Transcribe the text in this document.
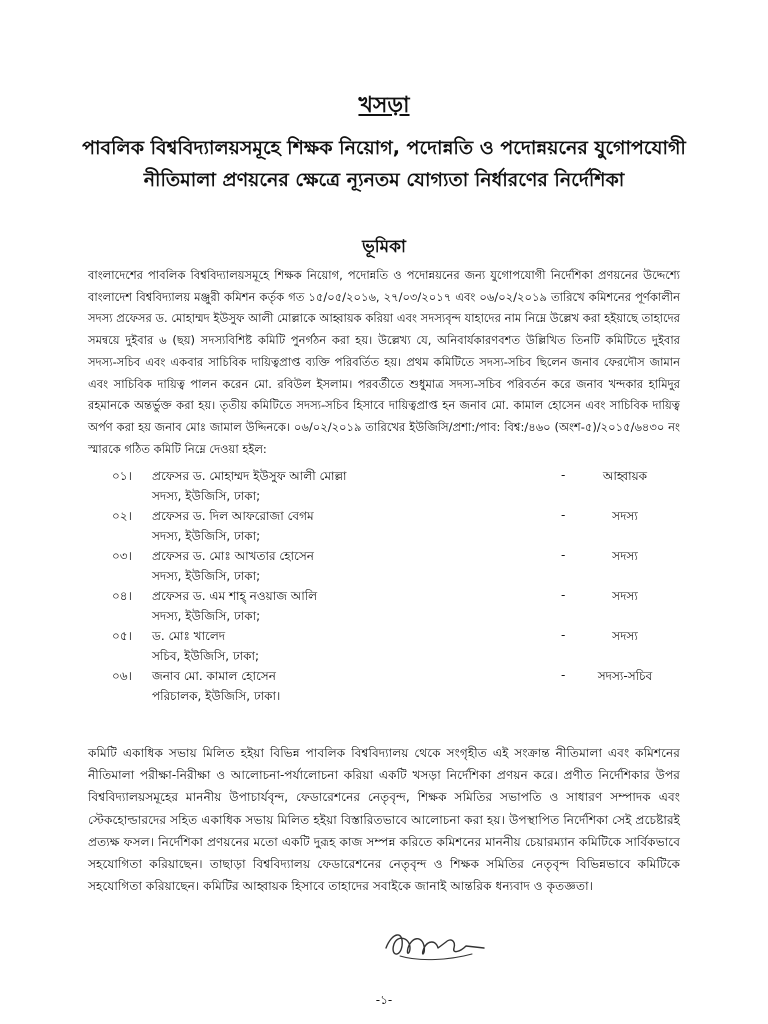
খসড়া
পাবলিক বিশ্ববিদ্যালয়সমূহে শিক্ষক নিয়োগ, পদোন্নতি ও পদোন্নয়নের যুগোপযোগী নীতিমালা প্রণয়নের ক্ষেত্রে ন্যূনতম যোগ্যতা নির্ধারণের নির্দেশিকা
ভূমিকা
বাংলাদেশের পাবলিক বিশ্ববিদ্যালয়সমূহে শিক্ষক নিয়োগ, পদোন্নতি ও পদোন্নয়নের জন্য যুগোপযোগী নির্দেশিকা প্রণয়নের উদ্দেশ্যে বাংলাদেশ বিশ্ববিদ্যালয় মঞ্জুরী কমিশন কর্তৃক গত ১৫/০৫/২০১৬, ২৭/০৩/২০১৭ এবং ০৬/০২/২০১৯ তারিখে কমিশনের পূর্ণকালীন সদস্য প্রফেসর ড. মোহাম্মদ ইউসুফ আলী মোল্লাকে আহ্বায়ক করিয়া এবং সদস্যবৃন্দ যাহাদের নাম নিম্নে উল্লেখ করা হইয়াছে তাহাদের সমন্বয়ে দুইবার ৬ (ছয়) সদস্যবিশিষ্ট কমিটি পুনর্গঠন করা হয়। উল্লেখ্য যে, অনিবার্যকারণবশত উল্লিখিত তিনটি কমিটিতে দুইবার সদস্য-সচিব এবং একবার সাচিবিক দায়িত্বপ্রাপ্ত ব্যক্তি পরিবর্তিত হয়। প্রথম কমিটিতে সদস্য-সচিব ছিলেন জনাব ফেরদৌস জামান এবং সাচিবিক দায়িত্ব পালন করেন মো. রবিউল ইসলাম। পরবর্তীতে শুধুমাত্র সদস্য-সচিব পরিবর্তন করে জনাব খন্দকার হামিদুর রহমানকে অন্তর্ভুক্ত করা হয়। তৃতীয় কমিটিতে সদস্য-সচিব হিসাবে দায়িত্বপ্রাপ্ত হন জনাব মো. কামাল হোসেন এবং সাচিবিক দায়িত্ব অর্পণ করা হয় জনাব মোঃ জামাল উদ্দিনকে। ০৬/০২/২০১৯ তারিখের ইউজিসি/প্রশা:/পাব: বিশ্ব:/৪৬০ (অংশ-৫)/২০১৫/৬৪৩০ নং স্মারকে গঠিত কমিটি নিম্নে দেওয়া হইল:
০১। প্রফেসর ড. মোহাম্মদ ইউসুফ আলী মোল্লা
সদস্য, ইউজিসি, ঢাকা;
-	আহ্বায়ক
০২। প্রফেসর ড. দিল আফরোজা বেগম
সদস্য, ইউজিসি, ঢাকা;
-	সদস্য
০৩। প্রফেসর ড. মোঃ আখতার হোসেন
সদস্য, ইউজিসি, ঢাকা;
-	সদস্য
০৪। প্রফেসর ড. এম শাহ্ নওয়াজ আলি
সদস্য, ইউজিসি, ঢাকা;
-	সদস্য
০৫। ড. মোঃ খালেদ
সচিব, ইউজিসি, ঢাকা;
-	সদস্য
০৬। জনাব মো. কামাল হোসেন
পরিচালক, ইউজিসি, ঢাকা।
-	সদস্য-সচিব
কমিটি একাধিক সভায় মিলিত হইয়া বিভিন্ন পাবলিক বিশ্ববিদ্যালয় থেকে সংগৃহীত এই সংক্রান্ত নীতিমালা এবং কমিশনের নীতিমালা পরীক্ষা-নিরীক্ষা ও আলোচনা-পর্যালোচনা করিয়া একটি খসড়া নির্দেশিকা প্রণয়ন করে। প্রণীত নির্দেশিকার উপর বিশ্ববিদ্যালয়সমূহের মাননীয় উপাচার্যবৃন্দ, ফেডারেশনের নেতৃবৃন্দ, শিক্ষক সমিতির সভাপতি ও সাধারণ সম্পাদক এবং স্টেকহোল্ডারদের সহিত একাধিক সভায় মিলিত হইয়া বিস্তারিতভাবে আলোচনা করা হয়। উপস্থাপিত নির্দেশিকা সেই প্রচেষ্টারই প্রত্যক্ষ ফসল। নির্দেশিকা প্রণয়নের মতো একটি দুরূহ কাজ সম্পন্ন করিতে কমিশনের মাননীয় চেয়ারম্যান কমিটিকে সার্বিকভাবে সহযোগিতা করিয়াছেন। তাছাড়া বিশ্ববিদ্যালয় ফেডারেশনের নেতৃবৃন্দ ও শিক্ষক সমিতির নেতৃবৃন্দ বিভিন্নভাবে কমিটিকে সহযোগিতা করিয়াছেন। কমিটির আহ্বায়ক হিসাবে তাহাদের সবাইকে জানাই আন্তরিক ধন্যবাদ ও কৃতজ্ঞতা।
-১-
